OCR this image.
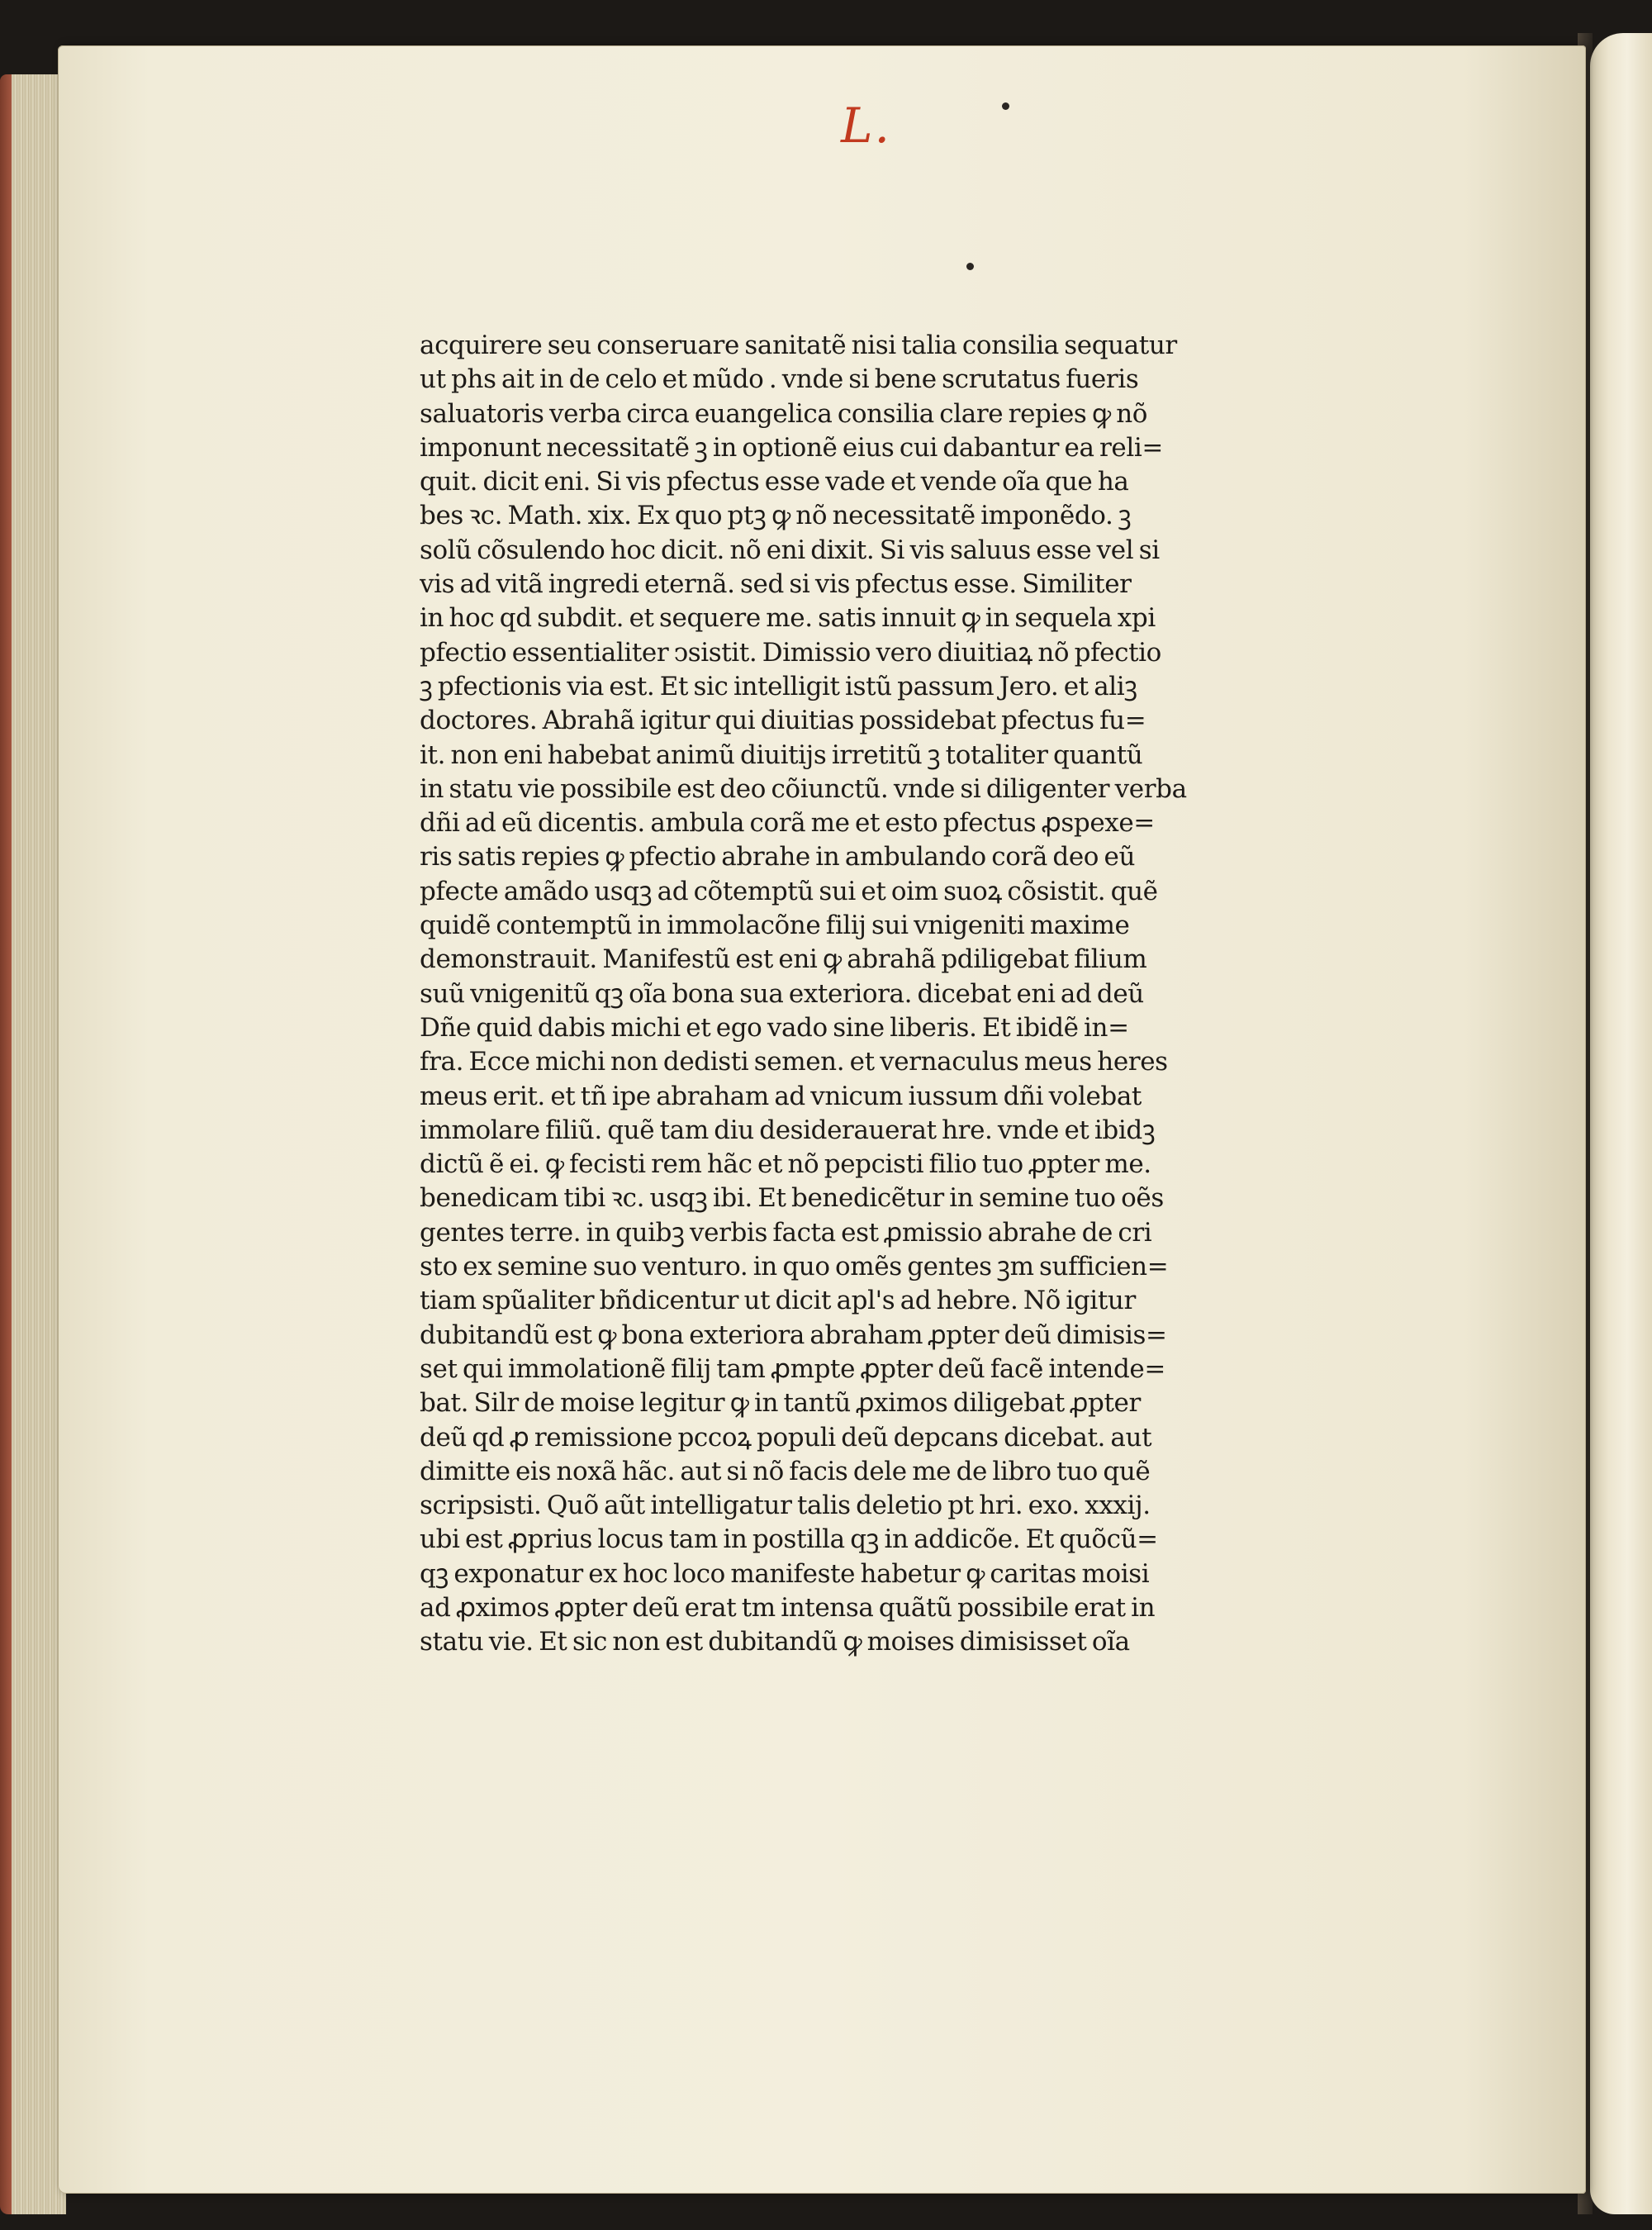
L.
acquirere seu conseruare sanitatẽ nisi talia consilia sequatur
ut phs ait in de celo et mũdo . vnde si bene scrutatus fueris
saluatoris verba circa euangelica consilia clare repies ꝙ nõ
imponunt necessitatẽ ꝫ in optionẽ eius cui dabantur ea reli=
quit. dicit eni. Si vis pfectus esse vade et vende oĩa que ha
bes ꝛc. Math. xix. Ex quo ptꝫ ꝙ nõ necessitatẽ imponẽdo. ꝫ
solũ cõsulendo hoc dicit. nõ eni dixit. Si vis saluus esse vel si
vis ad vitã ingredi eternã. sed si vis pfectus esse. Similiter
in hoc qd subdit. et sequere me. satis innuit ꝙ in sequela xpi
pfectio essentialiter ↄsistit. Dimissio vero diuitiaꝝ nõ pfectio
ꝫ pfectionis via est. Et sic intelligit istũ passum Jero. et aliꝫ
doctores. Abrahã igitur qui diuitias possidebat pfectus fu=
it. non eni habebat animũ diuitijs irretitũ ꝫ totaliter quantũ
in statu vie possibile est deo cõiunctũ. vnde si diligenter verba
dñi ad eũ dicentis. ambula corã me et esto pfectus ꝓspexe=
ris satis repies ꝙ pfectio abrahe in ambulando corã deo eũ
pfecte amãdo usqꝫ ad cõtemptũ sui et oim suoꝝ cõsistit. quẽ
quidẽ contemptũ in immolacõne filij sui vnigeniti maxime
demonstrauit. Manifestũ est eni ꝙ abrahã pdiligebat filium
suũ vnigenitũ qꝫ oĩa bona sua exteriora. dicebat eni ad deũ
Dñe quid dabis michi et ego vado sine liberis. Et ibidẽ in=
fra. Ecce michi non dedisti semen. et vernaculus meus heres
meus erit. et tñ ipe abraham ad vnicum iussum dñi volebat
immolare filiũ. quẽ tam diu desiderauerat hre. vnde et ibidꝫ
dictũ ẽ ei. ꝙ fecisti rem hãc et nõ pepcisti filio tuo ꝓpter me.
benedicam tibi ꝛc. usqꝫ ibi. Et benedicẽtur in semine tuo oẽs
gentes terre. in quibꝫ verbis facta est ꝓmissio abrahe de cri
sto ex semine suo venturo. in quo omẽs gentes ꝫm sufficien=
tiam spũaliter bñdicentur ut dicit apl's ad hebre. Nõ igitur
dubitandũ est ꝙ bona exteriora abraham ꝓpter deũ dimisis=
set qui immolationẽ filij tam ꝓmpte ꝓpter deũ facẽ intende=
bat. Silr de moise legitur ꝙ in tantũ ꝓximos diligebat ꝓpter
deũ qd ꝓ remissione pccoꝝ populi deũ depcans dicebat. aut
dimitte eis noxã hãc. aut si nõ facis dele me de libro tuo quẽ
scripsisti. Quõ aũt intelligatur talis deletio pt hri. exo. xxxij.
ubi est ꝓprius locus tam in postilla qꝫ in addicõe. Et quõcũ=
qꝫ exponatur ex hoc loco manifeste habetur ꝙ caritas moisi
ad ꝓximos ꝓpter deũ erat tm intensa quãtũ possibile erat in
statu vie. Et sic non est dubitandũ ꝙ moises dimisisset oĩa
